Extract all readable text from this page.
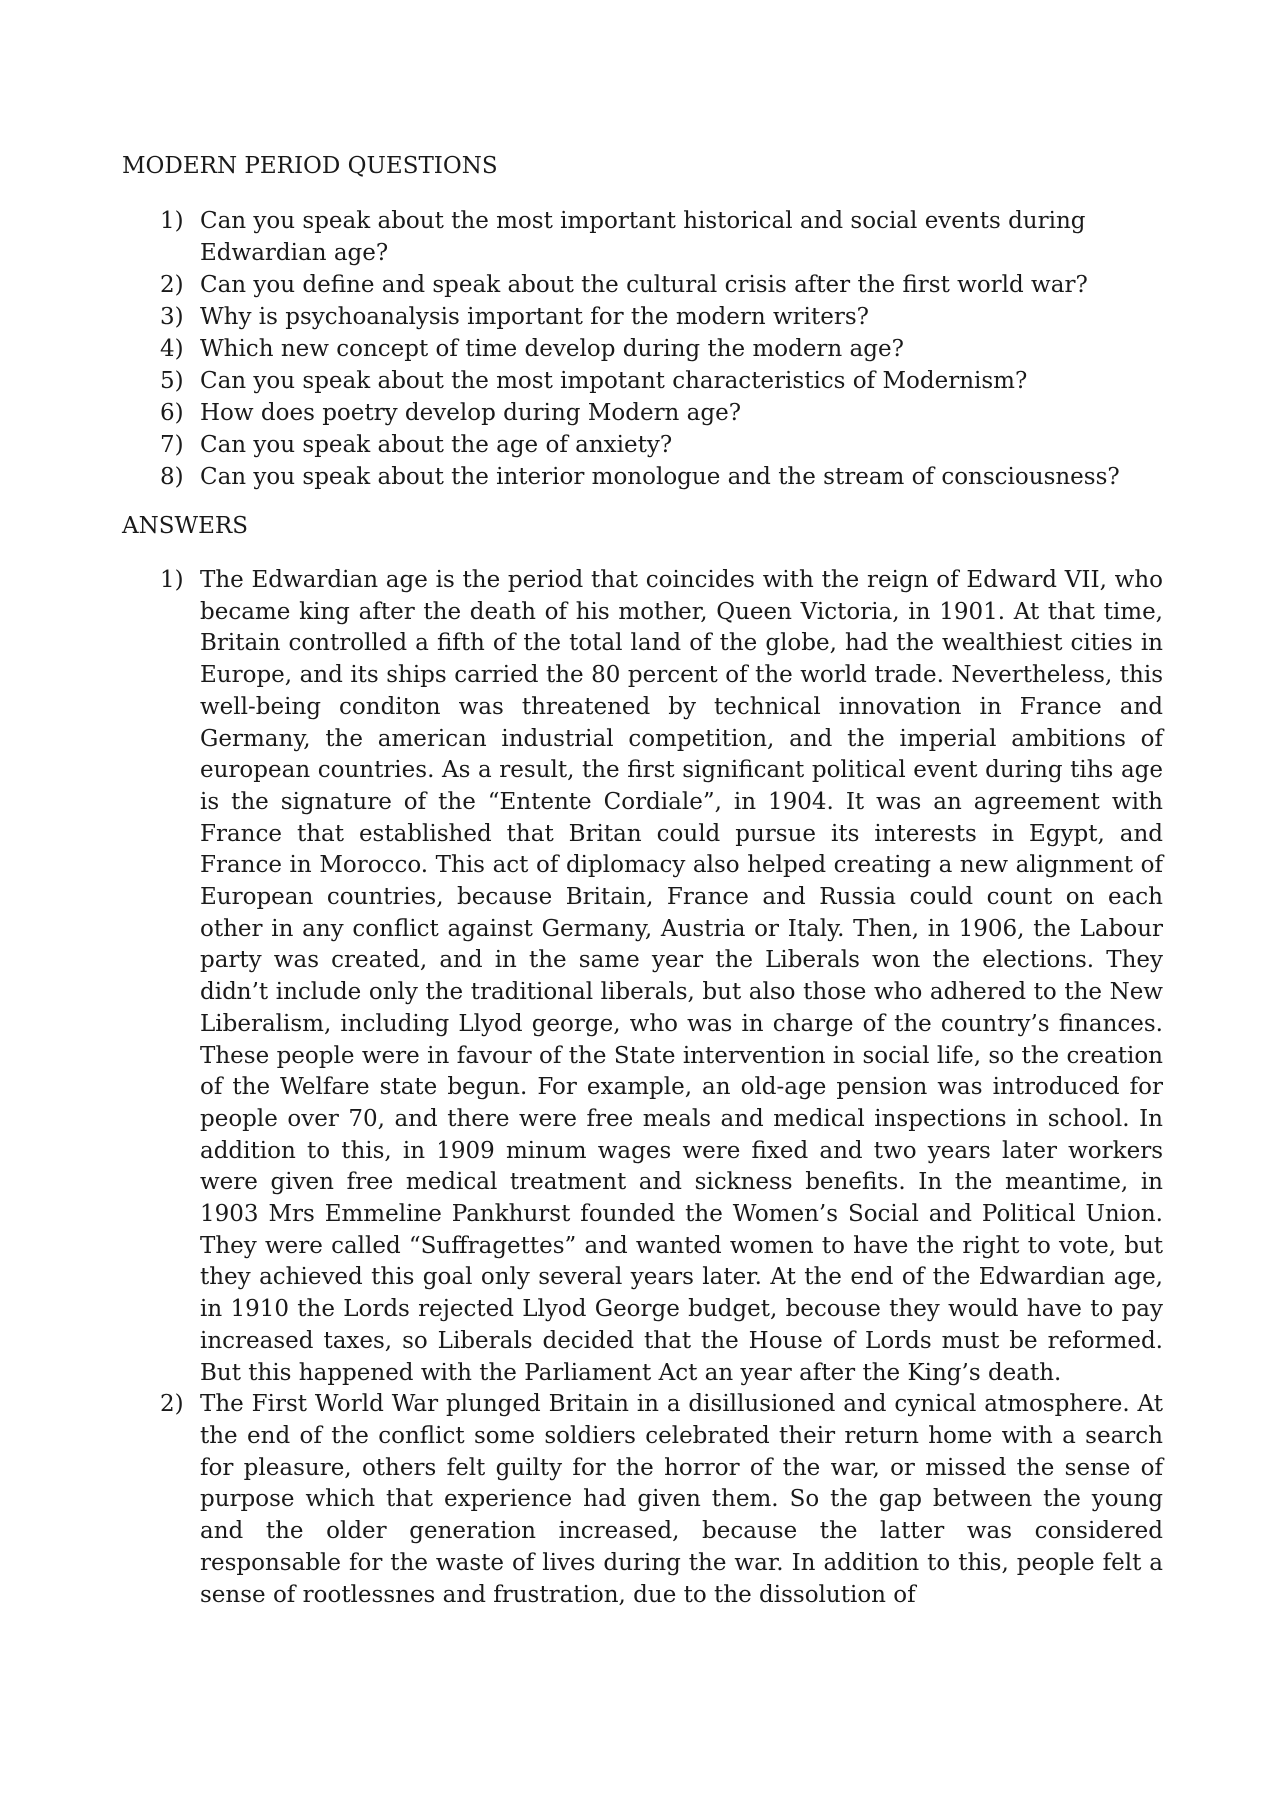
MODERN PERIOD QUESTIONS
1) Can you speak about the most important historical and social events during Edwardian age?
2) Can you define and speak about the cultural crisis after the first world war?
3) Why is psychoanalysis important for the modern writers?
4) Which new concept of time develop during the modern age?
5) Can you speak about the most impotant characteristics of Modernism?
6) How does poetry develop during Modern age?
7) Can you speak about the age of anxiety?
8) Can you speak about the interior monologue and the stream of consciousness?
ANSWERS
1) The Edwardian age is the period that coincides with the reign of Edward VII, who became king after the death of his mother, Queen Victoria, in 1901. At that time, Britain controlled a fifth of the total land of the globe, had the wealthiest cities in Europe, and its ships carried the 80 percent of the world trade. Nevertheless, this well-being conditon was threatened by technical innovation in France and Germany, the american industrial competition, and the imperial ambitions of european countries. As a result, the first significant political event during tihs age is the signature of the “Entente Cordiale”, in 1904. It was an agreement with France that established that Britan could pursue its interests in Egypt, and France in Morocco. This act of diplomacy also helped creating a new alignment of European countries, because Britain, France and Russia could count on each other in any conflict against Germany, Austria or Italy. Then, in 1906, the Labour party was created, and in the same year the Liberals won the elections. They didn’t include only the traditional liberals, but also those who adhered to the New Liberalism, including Llyod george, who was in charge of the country’s finances. These people were in favour of the State intervention in social life, so the creation of the Welfare state begun. For example, an old-age pension was introduced for people over 70, and there were free meals and medical inspections in school. In addition to this, in 1909 minum wages were fixed and two years later workers were given free medical treatment and sickness benefits. In the meantime, in 1903 Mrs Emmeline Pankhurst founded the Women’s Social and Political Union. They were called “Suffragettes” and wanted women to have the right to vote, but they achieved this goal only several years later. At the end of the Edwardian age, in 1910 the Lords rejected Llyod George budget, becouse they would have to pay increased taxes, so Liberals decided that the House of Lords must be reformed. But this happened with the Parliament Act an year after the King’s death.
2) The First World War plunged Britain in a disillusioned and cynical atmosphere. At the end of the conflict some soldiers celebrated their return home with a search for pleasure, others felt guilty for the horror of the war, or missed the sense of purpose which that experience had given them. So the gap between the young and the older generation increased, because the latter was considered responsable for the waste of lives during the war. In addition to this, people felt a sense of rootlessnes and frustration, due to the dissolution of
